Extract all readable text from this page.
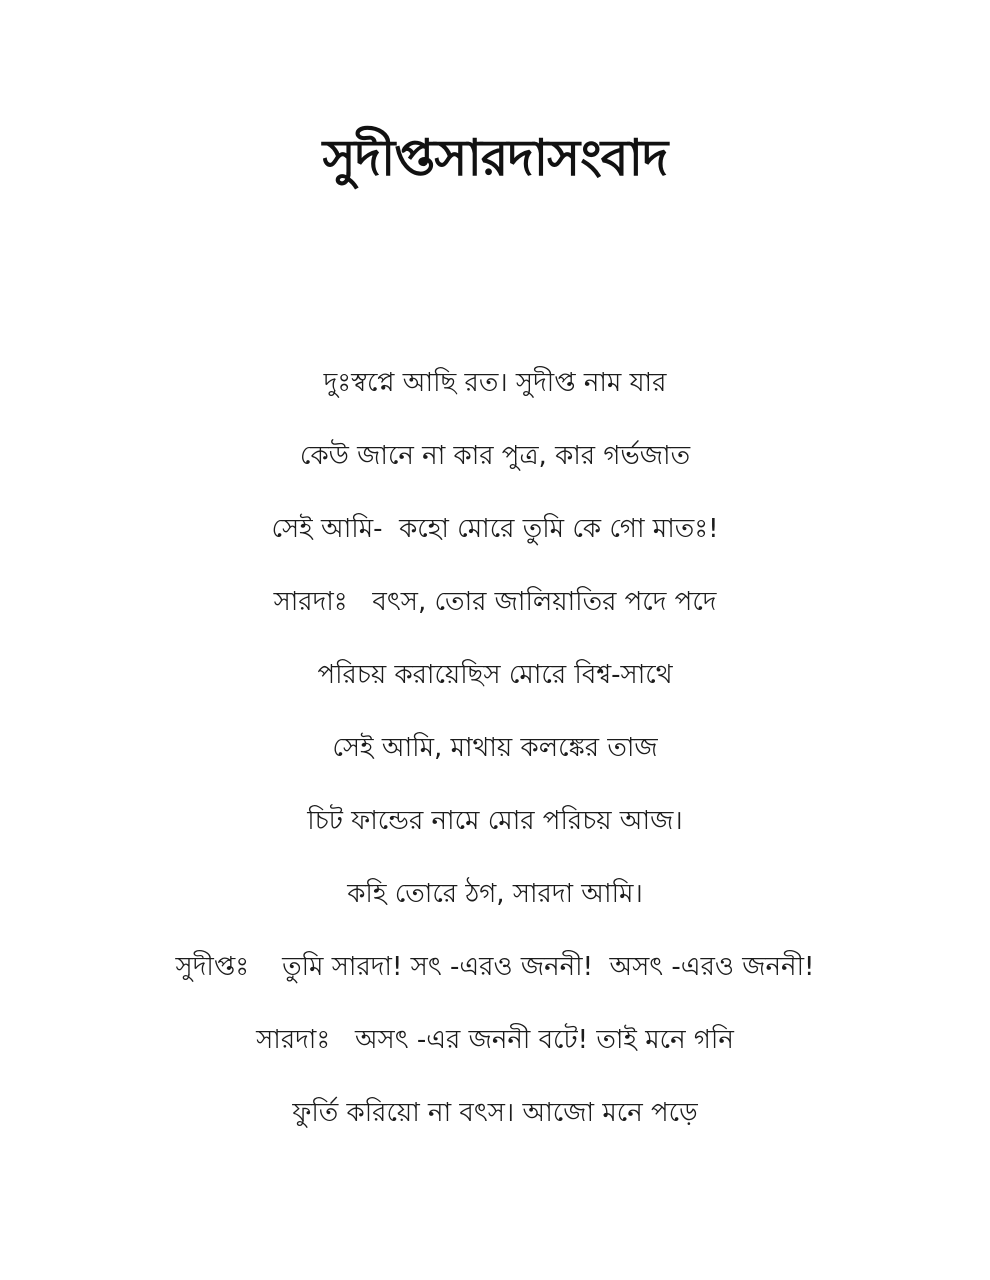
সুদীপ্তসারদাসংবাদ
দুঃস্বপ্নে আছি রত। সুদীপ্ত নাম যার
কেউ জানে না কার পুত্র, কার গর্ভজাত
সেই আমি-  কহো মোরে তুমি কে গো মাতঃ!
সারদাঃ   বৎস, তোর জালিয়াতির পদে পদে
পরিচয় করায়েছিস মোরে বিশ্ব-সাথে
সেই আমি, মাথায় কলঙ্কের তাজ
চিট ফান্ডের নামে মোর পরিচয় আজ।
কহি তোরে ঠগ, সারদা আমি।
সুদীপ্তঃ    তুমি সারদা! সৎ -এরও জননী!  অসৎ -এরও জননী!
সারদাঃ   অসৎ -এর জননী বটে! তাই মনে গনি
ফুর্তি করিয়ো না বৎস। আজো মনে পড়ে
